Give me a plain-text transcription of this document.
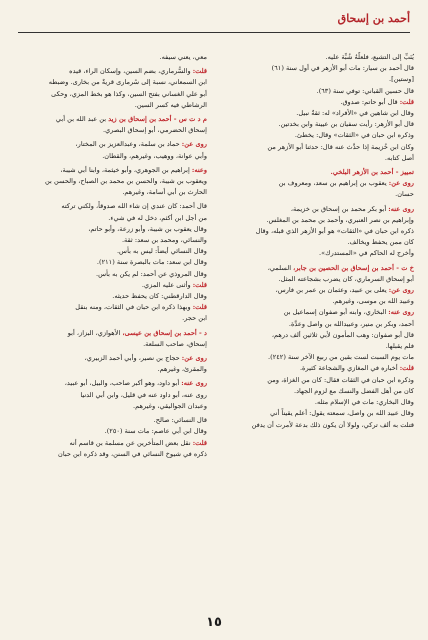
أحمد بن إسحاق
يُنَبِّ إلى التشيع، فلعلَّهُ شُبِّهَ عليه.
قال أحمد بن سيار: مات أبو الأزهر في أول سنة (٦١)
[وستين].
قال حسين القباني: توفي سنة (٦٣).
قلت: قال أبو حاتم: صدوق.
وقال ابن شاهين في «الأفراد» له: ثقةٌ نبيل.
قال أبو الأزهر: رأيت سفيان بن عيينة وابن بخدتين.
وذكره ابن حبان في «الثقات» وقال: يخطئ.
وكان ابن خُزيمة إذا حدَّث عنه قال: حدثنا أبو الأزهر من
أصل كتابه.
تمييز - أحمد بن الأزهر البلخي.
روى عن: يعقوب بن إبراهيم بن سعد، ومعروف بن
حسان.
روى عنه: أبو بكر محمد بن إسحاق بن خزيمة،
وإبراهيم بن نصر العنبري، وأحمد بن محمد بن المغلس.
ذكره ابن حبان في «الثقات» هو أبو الأزهر الذي قبله، وقال
كان ممن يحفظ ويخالف.
وأخرج له الحاكم في «المستدرك».
خ ت - أحمد بن إسحاق بن الحصين بن جابر، السلمي،
أبو إسحاق السرماري، كان يضرب بشجاعته المثل.
روى عن: يعلى بن عبيد، وعثمان بن عمر بن فارس،
وعبيد الله بن موسى، وغيرهم.
روى عنه: البخاري، وابنه أبو صفوان إسماعيل بن
أحمد، وبكر بن منير، وعبيدالله بن واصل وعدَّة.
قال أبو صفوان: وهب المأمون لأبي ثلاثين ألف درهم،
فلم يقبلها.
مات يوم السبت لست بقين من ربيع الآخر سنة (٢٤٢).
قلت: أخباره في المغازي والشجاعة كثيرة.
وذكره ابن حبان في الثقات فقال: كان من الغزاة، ومن
كان من أهل الفضل والنسك مع لزوم الجهاد.
وقال البخاري: مات في الإسلام مثله.
وقال عبيد الله بن واصل، سمعته يقول: أعلم يقيناً أني
قتلت به ألف تركي، ولولا أن يكون ذلك بدعة لأمرت أن يدفن
معي، يعني سيفه.
قلت: والسُّرماري، بضم السين، وإسكان الراء، قيده
ابن السمعاني، نسبة إلى سُرمارى قريةٌ من بخارى. وضبطه
أبو علي الغساني بفتح السين، وكذا هو بخط المزي، وحكى
الرشاطي فيه كسر السين.
م د ت س - أحمد بن إسحاق بن زيد بن عبد الله بن أبي
إسحاق الحضرمي، أبو إسحاق البصري.
روى عن: حماد بن سلمة، وعبدالعزيز بن المختار،
وأبي عوانة، ووهيب، وغيرهم، والقطان.
وعنه: إبراهيم بن الجوهري، وأبو خيثمة، وابنا أبي شيبة،
ويعقوب بن شيبة، والحسن بن محمد بن الصباح، والحسن بن
الحارث بن أبي أسامة، وغيرهم.
قال أحمد: كان عندي إن شاء الله صدوقاً، ولكني تركته
من أجل ابن أكثم، دخل له في شيء.
وقال يعقوب بن شيبة، وأبو زرعة، وأبو حاتم،
والنسائي، ومحمد بن سعد: ثقة.
وقال النسائي أيضاً: ليس به بأس.
وقال ابن سعد: مات بالبصرة سنة (٢١١).
وقال المروذي عن أحمد: لم يكن به بأس.
قلت: وأثنى عليه المزي.
وقال الدارقطني: كان يحفظ حديثه.
قلت: وبهذا ذكره ابن حبان في الثقات، ومنه بنقل
ابن حجر.
د - أحمد بن إسحاق بن عيسى، الأهوازي، البزاز، أبو
إسحاق، صاحب السلعة.
روى عن: حجاج بن نصير، وأبي أحمد الزبيري،
والمقرئ، وغيرهم.
روى عنه: أبو داود، وهو أكبر صاحب، والبيل، أبو عبيد،
روى عنه، أبو داود عنه في قليل، وابن أبي الدنيا
وعبدان الجواليقي، وغيرهم.
قال النسائي: صالح.
وقال ابن أبي عاصم: مات سنة (٢٥٠).
قلت: نقل بعض المتأخرين عن مسلمة بن قاسم أنه
ذكره في شيوخ النسائي في السنن، وقد ذكره ابن حبان
١٥
